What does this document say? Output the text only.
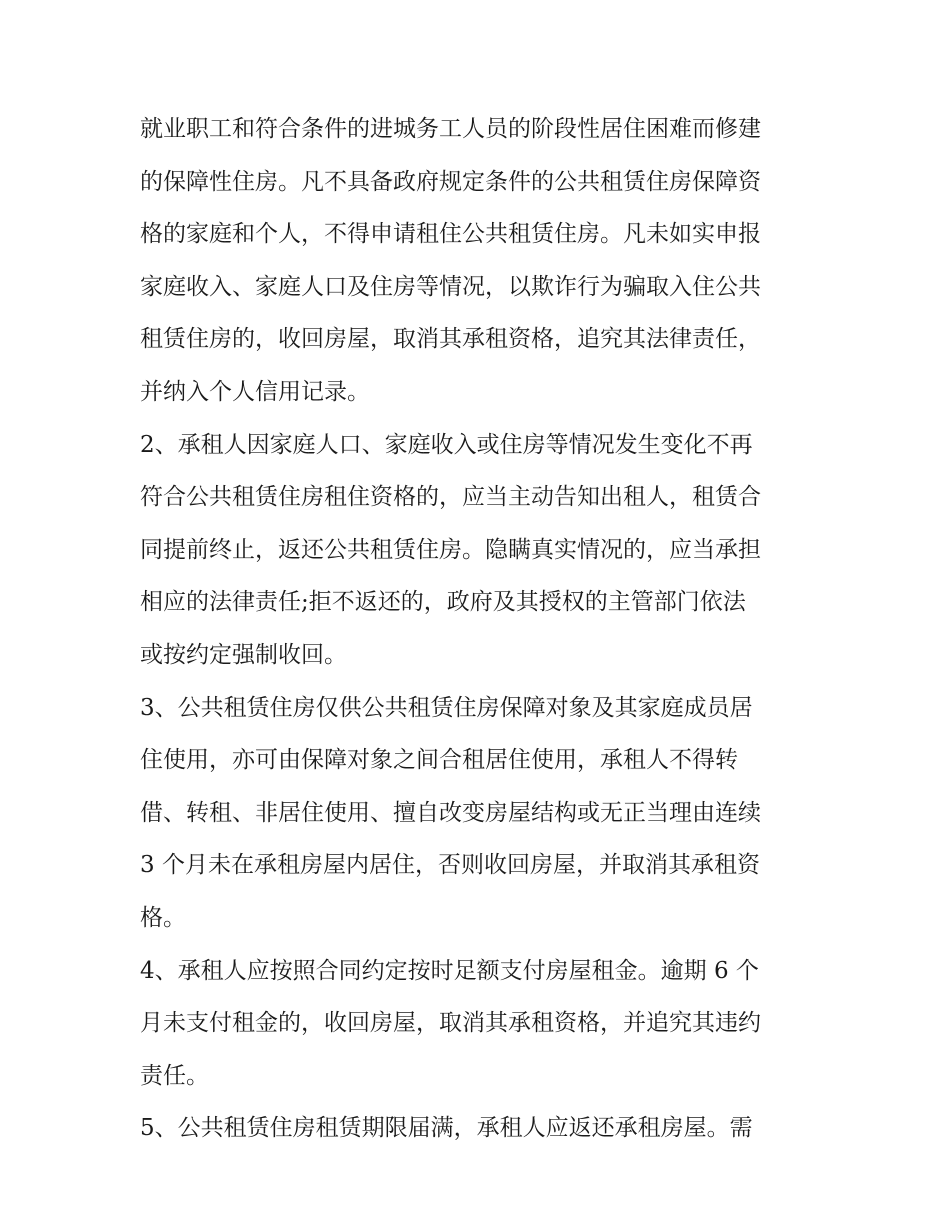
就业职工和符合条件的进城务工人员的阶段性居住困难而修建
的保障性住房。凡不具备政府规定条件的公共租赁住房保障资
格的家庭和个人，不得申请租住公共租赁住房。凡未如实申报
家庭收入、家庭人口及住房等情况，以欺诈行为骗取入住公共
租赁住房的，收回房屋，取消其承租资格，追究其法律责任，
并纳入个人信用记录。
2、承租人因家庭人口、家庭收入或住房等情况发生变化不再
符合公共租赁住房租住资格的，应当主动告知出租人，租赁合
同提前终止，返还公共租赁住房。隐瞒真实情况的，应当承担
相应的法律责任;拒不返还的，政府及其授权的主管部门依法
或按约定强制收回。
3、公共租赁住房仅供公共租赁住房保障对象及其家庭成员居
住使用，亦可由保障对象之间合租居住使用，承租人不得转
借、转租、非居住使用、擅自改变房屋结构或无正当理由连续
3 个月未在承租房屋内居住，否则收回房屋，并取消其承租资
格。
4、承租人应按照合同约定按时足额支付房屋租金。逾期 6 个
月未支付租金的，收回房屋，取消其承租资格，并追究其违约
责任。
5、公共租赁住房租赁期限届满，承租人应返还承租房屋。需
